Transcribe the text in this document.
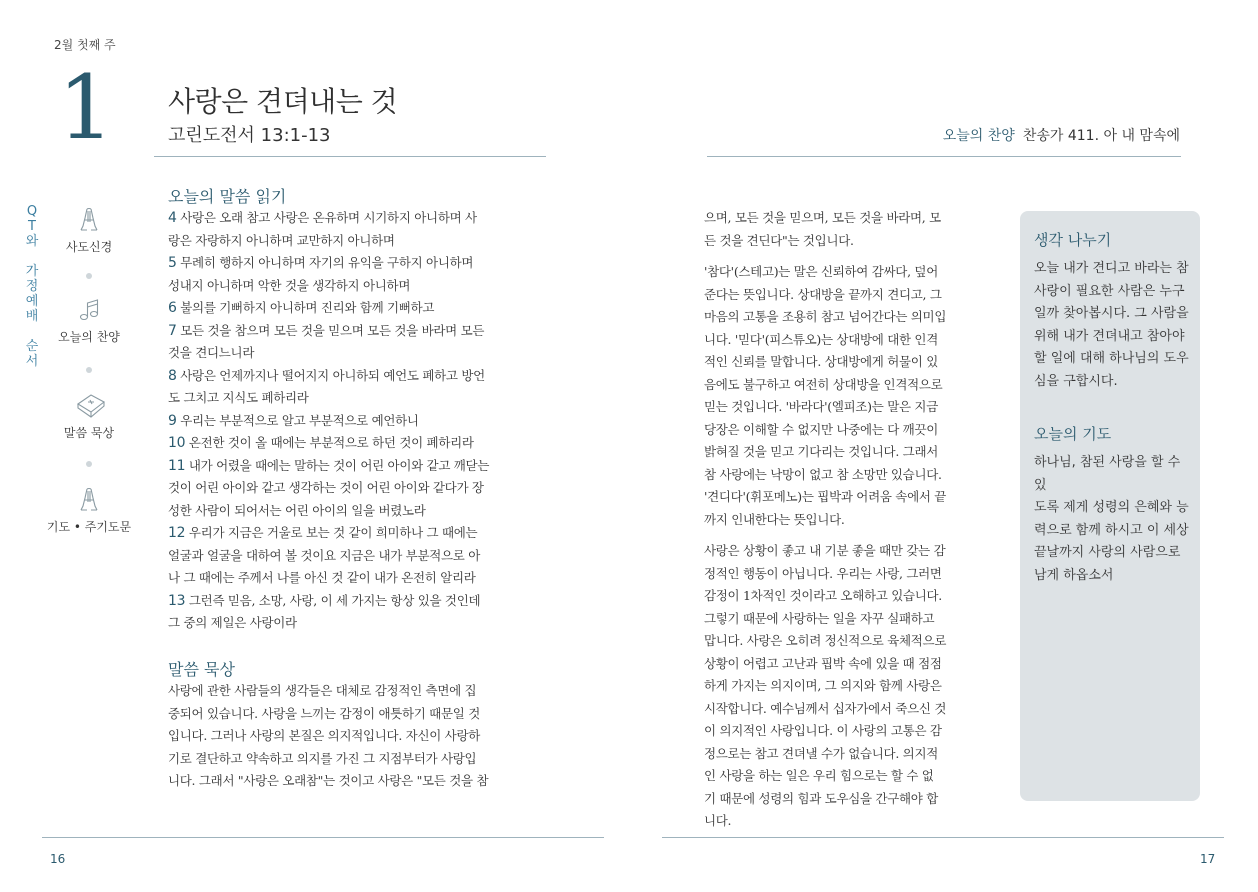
2월 첫째 주
1 사랑은 견뎌내는 것
고린도전서 13:1-13
Q
T
와
가
정
예
배
순
서
사도신경
오늘의 찬양
말씀 묵상
기도 • 주기도문
오늘의 말씀 읽기
4 사랑은 오래 참고 사랑은 온유하며 시기하지 아니하며 사
랑은 자랑하지 아니하며 교만하지 아니하며
5 무례히 행하지 아니하며 자기의 유익을 구하지 아니하며
성내지 아니하며 악한 것을 생각하지 아니하며
6 불의를 기뻐하지 아니하며 진리와 함께 기뻐하고
7 모든 것을 참으며 모든 것을 믿으며 모든 것을 바라며 모든
것을 견디느니라
8 사랑은 언제까지나 떨어지지 아니하되 예언도 폐하고 방언
도 그치고 지식도 폐하리라
9 우리는 부분적으로 알고 부분적으로 예언하니
10 온전한 것이 올 때에는 부분적으로 하던 것이 폐하리라
11 내가 어렸을 때에는 말하는 것이 어린 아이와 같고 깨닫는
것이 어린 아이와 같고 생각하는 것이 어린 아이와 같다가 장
성한 사람이 되어서는 어린 아이의 일을 버렸노라
12 우리가 지금은 거울로 보는 것 같이 희미하나 그 때에는
얼굴과 얼굴을 대하여 볼 것이요 지금은 내가 부분적으로 아
나 그 때에는 주께서 나를 아신 것 같이 내가 온전히 알리라
13 그런즉 믿음, 소망, 사랑, 이 세 가지는 항상 있을 것인데
그 중의 제일은 사랑이라
말씀 묵상
사랑에 관한 사람들의 생각들은 대체로 감정적인 측면에 집
중되어 있습니다. 사랑을 느끼는 감정이 애틋하기 때문일 것
입니다. 그러나 사랑의 본질은 의지적입니다. 자신이 사랑하
기로 결단하고 약속하고 의지를 가진 그 지점부터가 사랑입
니다. 그래서 "사랑은 오래참"는 것이고 사랑은 "모든 것을 참
16
오늘의 찬양 찬송가 411. 아 내 맘속에

으며, 모든 것을 믿으며, 모든 것을 바라며, 모
든 것을 견딘다"는 것입니다.

'참다'(스테고)는 말은 신뢰하여 감싸다, 덮어
준다는 뜻입니다. 상대방을 끝까지 견디고, 그
마음의 고통을 조용히 참고 넘어간다는 의미입
니다. '믿다'(피스튜오)는 상대방에 대한 인격
적인 신뢰를 말합니다. 상대방에게 허물이 있
음에도 불구하고 여전히 상대방을 인격적으로
믿는 것입니다. '바라다'(엘피조)는 말은 지금
당장은 이해할 수 없지만 나중에는 다 깨끗이
밝혀질 것을 믿고 기다리는 것입니다. 그래서
참 사랑에는 낙망이 없고 참 소망만 있습니다.
'견디다'(휘포메노)는 핍박과 어려움 속에서 끝
까지 인내한다는 뜻입니다.

사랑은 상황이 좋고 내 기분 좋을 때만 갖는 감
정적인 행동이 아닙니다. 우리는 사랑, 그러면
감정이 1차적인 것이라고 오해하고 있습니다.
그렇기 때문에 사랑하는 일을 자꾸 실패하고
맙니다. 사랑은 오히려 정신적으로 육체적으로
상황이 어렵고 고난과 핍박 속에 있을 때 점점
하게 가지는 의지이며, 그 의지와 함께 사랑은
시작합니다. 예수님께서 십자가에서 죽으신 것
이 의지적인 사랑입니다. 이 사랑의 고통은 감
정으로는 참고 견뎌낼 수가 없습니다. 의지적
인 사랑을 하는 일은 우리 힘으로는 할 수 없
기 때문에 성령의 힘과 도우심을 간구해야 합
니다.

생각 나누기

오늘 내가 견디고 바라는 참
사랑이 필요한 사람은 누구
일까 찾아봅시다. 그 사람을
위해 내가 견뎌내고 참아야
할 일에 대해 하나님의 도우
심을 구합시다.

오늘의 기도

하나님, 참된 사랑을 할 수 있
도록 제게 성령의 은혜와 능
력으로 함께 하시고 이 세상
끝날까지 사랑의 사람으로
남게 하옵소서

17
